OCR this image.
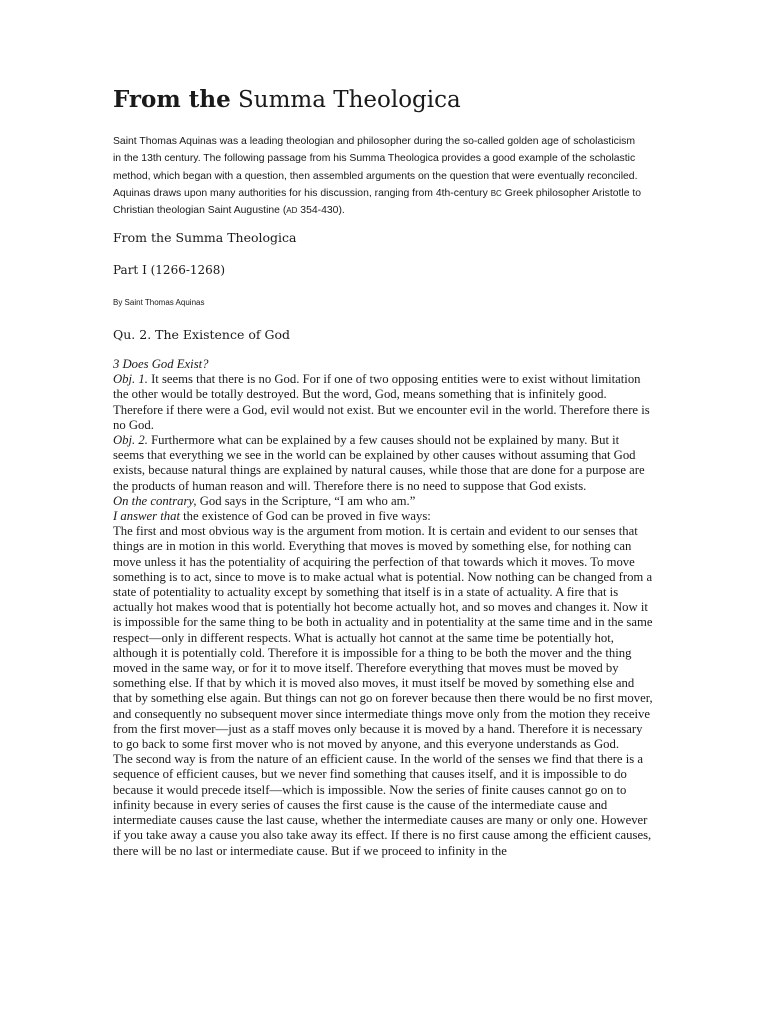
From the Summa Theologica
Saint Thomas Aquinas was a leading theologian and philosopher during the so-called golden age of scholasticism in the 13th century. The following passage from his Summa Theologica provides a good example of the scholastic method, which began with a question, then assembled arguments on the question that were eventually reconciled. Aquinas draws upon many authorities for his discussion, ranging from 4th-century BC Greek philosopher Aristotle to Christian theologian Saint Augustine (AD 354-430).
From the Summa Theologica
Part I (1266-1268)
By Saint Thomas Aquinas
Qu. 2. The Existence of God

3 Does God Exist?

Obj. 1. It seems that there is no God. For if one of two opposing entities were to exist without limitation the other would be totally destroyed. But the word, God, means something that is infinitely good. Therefore if there were a God, evil would not exist. But we encounter evil in the world. Therefore there is no God.

Obj. 2. Furthermore what can be explained by a few causes should not be explained by many. But it seems that everything we see in the world can be explained by other causes without assuming that God exists, because natural things are explained by natural causes, while those that are done for a purpose are the products of human reason and will. Therefore there is no need to suppose that God exists.

On the contrary, God says in the Scripture, “I am who am.”

I answer that the existence of God can be proved in five ways:

The first and most obvious way is the argument from motion. It is certain and evident to our senses that things are in motion in this world. Everything that moves is moved by something else, for nothing can move unless it has the potentiality of acquiring the perfection of that towards which it moves. To move something is to act, since to move is to make actual what is potential. Now nothing can be changed from a state of potentiality to actuality except by something that itself is in a state of actuality. A fire that is actually hot makes wood that is potentially hot become actually hot, and so moves and changes it. Now it is impossible for the same thing to be both in actuality and in potentiality at the same time and in the same respect—only in different respects. What is actually hot cannot at the same time be potentially hot, although it is potentially cold. Therefore it is impossible for a thing to be both the mover and the thing moved in the same way, or for it to move itself. Therefore everything that moves must be moved by something else. If that by which it is moved also moves, it must itself be moved by something else and that by something else again. But things can not go on forever because then there would be no first mover, and consequently no subsequent mover since intermediate things move only from the motion they receive from the first mover—just as a staff moves only because it is moved by a hand. Therefore it is necessary to go back to some first mover who is not moved by anyone, and this everyone understands as God.

The second way is from the nature of an efficient cause. In the world of the senses we find that there is a sequence of efficient causes, but we never find something that causes itself, and it is impossible to do because it would precede itself—which is impossible. Now the series of finite causes cannot go on to infinity because in every series of causes the first cause is the cause of the intermediate cause and intermediate causes cause the last cause, whether the intermediate causes are many or only one. However if you take away a cause you also take away its effect. If there is no first cause among the efficient causes, there will be no last or intermediate cause. But if we proceed to infinity in the
